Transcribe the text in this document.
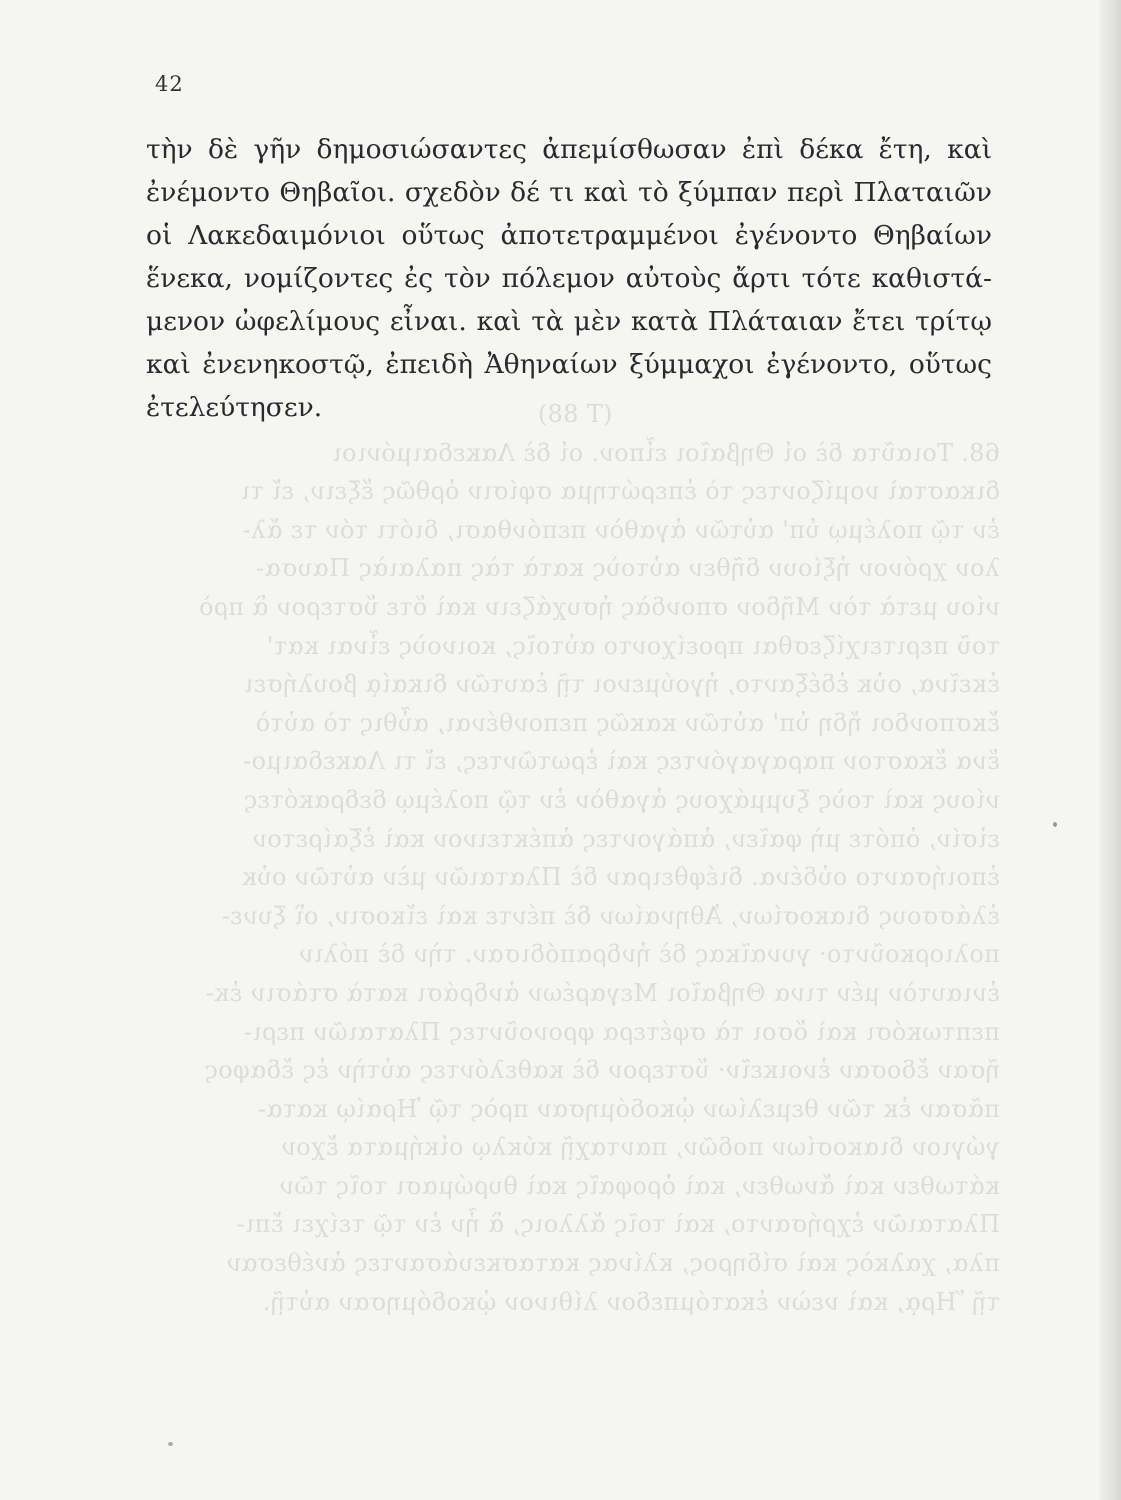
(T 88)
68. Τοιαῦτα δὲ οἱ Θηβαῖοι εἶπον. οἱ δὲ Λακεδαιμόνιοι
δικασταὶ νομίζοντες τὸ ἐπερώτημα σφίσιν ὀρθῶς ἕξειν, εἴ τι
ἐν τῷ πολέμῳ ὑπ' αὐτῶν ἀγαθὸν πεπόνθασι, διότι τόν τε ἄλ-
λον χρόνον ἠξίουν δῆθεν αὐτοὺς κατὰ τὰς παλαιὰς Παυσα-
νίου μετὰ τὸν Μῆδον σπονδὰς ἡσυχάζειν καὶ ὅτε ὕστερον ἃ πρὸ
τοῦ περιτειχίζεσθαι προείχοντο αὐτοῖς, κοινοὺς εἶναι κατ'
ἐκεῖνα, οὐκ ἐδέξαντο, ἡγούμενοι τῇ ἑαυτῶν δικαίᾳ βουλήσει
ἔκσπονδοι ἤδη ὑπ' αὐτῶν κακῶς πεπονθέναι, αὖθις τὸ αὐτὸ
ἕνα ἕκαστον παραγαγόντες καὶ ἐρωτῶντες, εἴ τι Λακεδαιμο-
νίους καὶ τοὺς ξυμμάχους ἀγαθὸν ἐν τῷ πολέμῳ δεδρακότες
εἰσίν, ὁπότε μὴ φαῖεν, ἀπάγοντες ἀπέκτεινον καὶ ἐξαίρετον
ἐποιήσαντο οὐδένα. διέφθειραν δὲ Πλαταιῶν μὲν αὐτῶν οὐκ
ἐλάσσους διακοσίων, Ἀθηναίων δὲ πέντε καὶ εἴκοσιν, οἳ ξυνε-
πολιορκοῦντο· γυναῖκας δὲ ἠνδραπόδισαν. τὴν δὲ πόλιν
ἐνιαυτὸν μέν τινα Θηβαῖοι Μεγαρέων ἀνδράσι κατὰ στάσιν ἐκ-
πεπτωκόσι καὶ ὅσοι τὰ σφέτερα φρονοῦντες Πλαταιῶν περι-
ῆσαν ἔδοσαν ἐνοικεῖν· ὕστερον δὲ καθελόντες αὐτὴν ἐς ἔδαφος
πᾶσαν ἐκ τῶν θεμελίων ᾠκοδόμησαν πρὸς τῷ Ἡραίῳ κατα-
γώγιον διακοσίων ποδῶν, πανταχῇ κύκλῳ οἰκήματα ἔχον
κάτωθεν καὶ ἄνωθεν, καὶ ὀροφαῖς καὶ θυρώμασι τοῖς τῶν
Πλαταιῶν ἐχρήσαντο, καὶ τοῖς ἄλλοις, ἃ ἦν ἐν τῷ τείχει ἔπι-
πλα, χαλκὸς καὶ σίδηρος, κλίνας κατασκευάσαντες ἀνέθεσαν
τῇ Ἥρᾳ, καὶ νεὼν ἑκατόμπεδον λίθινον ᾠκοδόμησαν αὐτῇ.
42
τὴν δὲ γῆν δημοσιώσαντες ἀπεμίσθωσαν ἐπὶ δέκα ἔτη, καὶ
ἐνέμοντο Θηβαῖοι. σχεδὸν δέ τι καὶ τὸ ξύμπαν περὶ Πλαταιῶν
οἱ Λακεδαιμόνιοι οὕτως ἀποτετραμμένοι ἐγένοντο Θηβαίων
ἕνεκα, νομίζοντες ἐς τὸν πόλεμον αὐτοὺς ἄρτι τότε καθιστά-
μενον ὠφελίμους εἶναι. καὶ τὰ μὲν κατὰ Πλάταιαν ἔτει τρίτῳ
καὶ ἐνενηκοστῷ, ἐπειδὴ Ἀθηναίων ξύμμαχοι ἐγένοντο, οὕτως
ἐτελεύτησεν.
